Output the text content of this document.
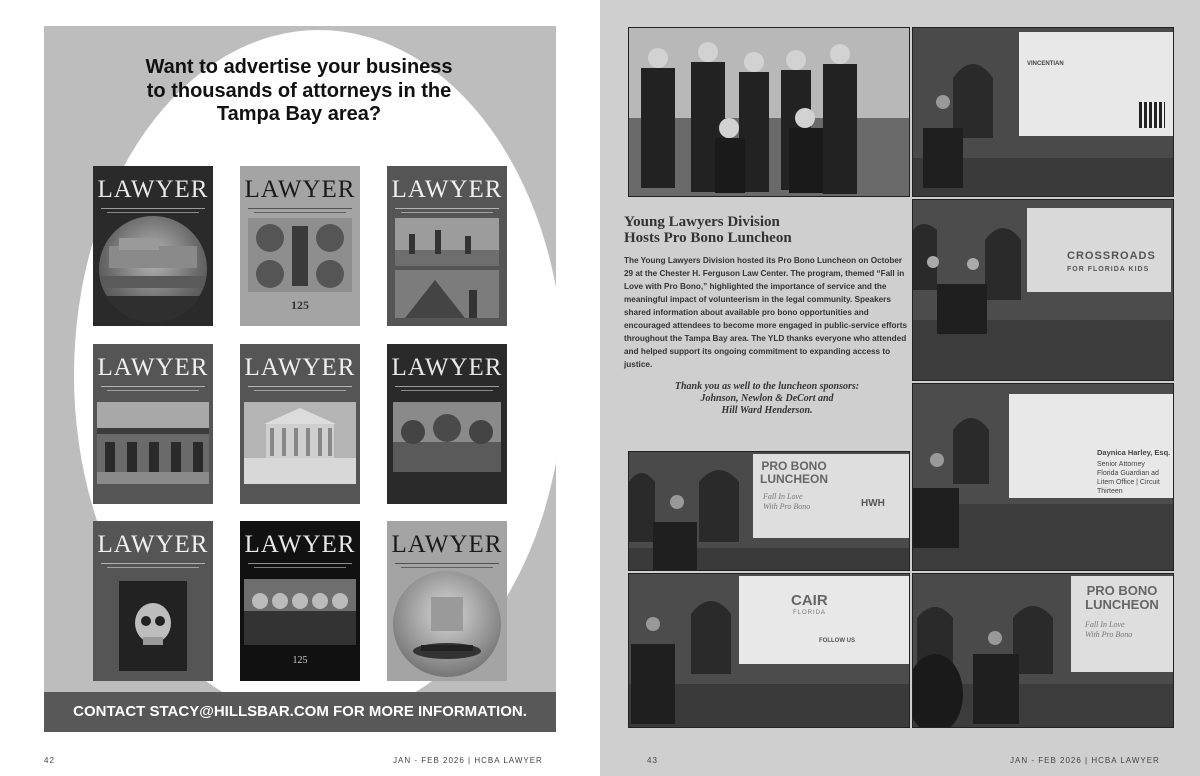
Want to advertise your business to thousands of attorneys in the Tampa Bay area?
LAWYER LAWYER
125
LAWYER
LAWYER LAWYER LAWYER
LAWYER LAWYER
125
LAWYER
CONTACT STACY@HILLSBAR.COM FOR MORE INFORMATION.
42	JAN - FEB 2026 | HCBA LAWYER	43	JAN - FEB 2026 | HCBA LAWYER
VINCENTIAN
CROSSROADS
FOR FLORIDA KIDS
Daynica Harley, Esq.
Senior Attorney
Florida Guardian ad
Litem Office | Circuit
Thirteen
PRO BONO
LUNCHEON
Fall In Love With Pro Bono
PRO BONO
LUNCHEON
Fall In Love With Pro Bono	HWH
CAIR
FLORIDA
FOLLOW US
Young Lawyers Division
Hosts Pro Bono Luncheon
The Young Lawyers Division hosted its Pro Bono Luncheon on October 29 at the Chester H. Ferguson Law Center. The program, themed “Fall in Love with Pro Bono,” highlighted the importance of service and the meaningful impact of volunteerism in the legal community. Speakers shared information about available pro bono opportunities and encouraged attendees to become more engaged in public-service efforts throughout the Tampa Bay area. The YLD thanks everyone who attended and helped support its ongoing commitment to expanding access to justice.
Thank you as well to the luncheon sponsors:
Johnson, Newlon & DeCort and
Hill Ward Henderson.
